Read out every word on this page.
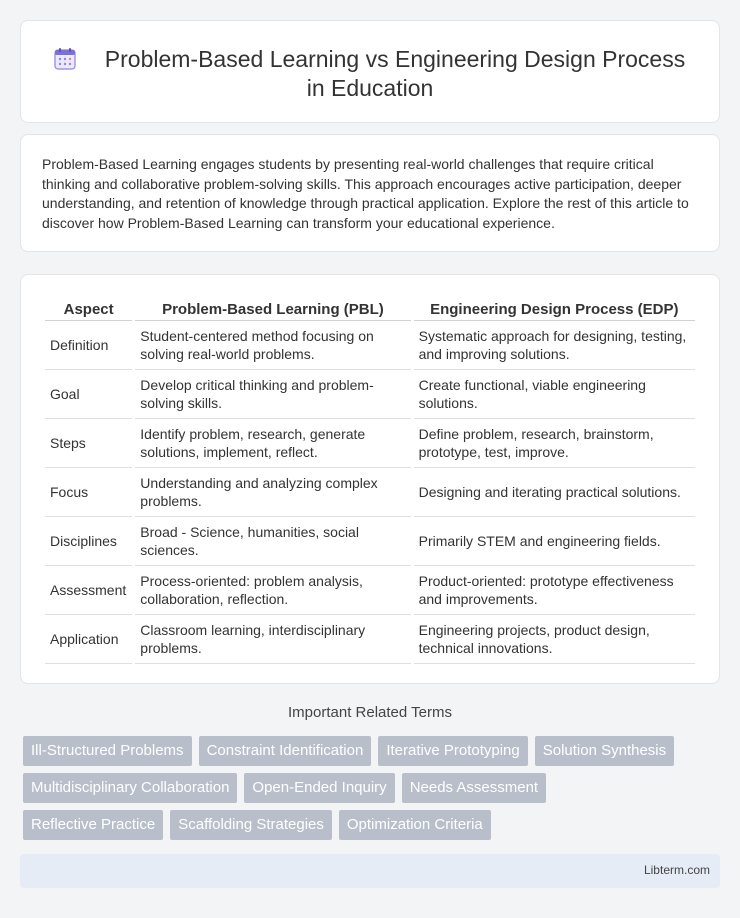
Problem-Based Learning vs Engineering Design Process
in Education

Problem-Based Learning engages students by presenting real-world challenges that require critical thinking and collaborative problem-solving skills. This approach encourages active participation, deeper understanding, and retention of knowledge through practical application. Explore the rest of this article to discover how Problem-Based Learning can transform your educational experience.

Aspect	Problem-Based Learning (PBL)	Engineering Design Process (EDP)
Definition	Student-centered method focusing on solving real-world problems.	Systematic approach for designing, testing, and improving solutions.
Goal	Develop critical thinking and problem-solving skills.	Create functional, viable engineering solutions.
Steps	Identify problem, research, generate solutions, implement, reflect.	Define problem, research, brainstorm, prototype, test, improve.
Focus	Understanding and analyzing complex problems.	Designing and iterating practical solutions.
Disciplines	Broad - Science, humanities, social sciences.	Primarily STEM and engineering fields.
Assessment	Process-oriented: problem analysis, collaboration, reflection.	Product-oriented: prototype effectiveness and improvements.
Application	Classroom learning, interdisciplinary problems.	Engineering projects, product design, technical innovations.
Important Related Terms
Ill-Structured Problems	Constraint Identification	Iterative Prototyping	Solution Synthesis
Multidisciplinary Collaboration	Open-Ended Inquiry	Needs Assessment
Reflective Practice	Scaffolding Strategies	Optimization Criteria
Libterm.com
